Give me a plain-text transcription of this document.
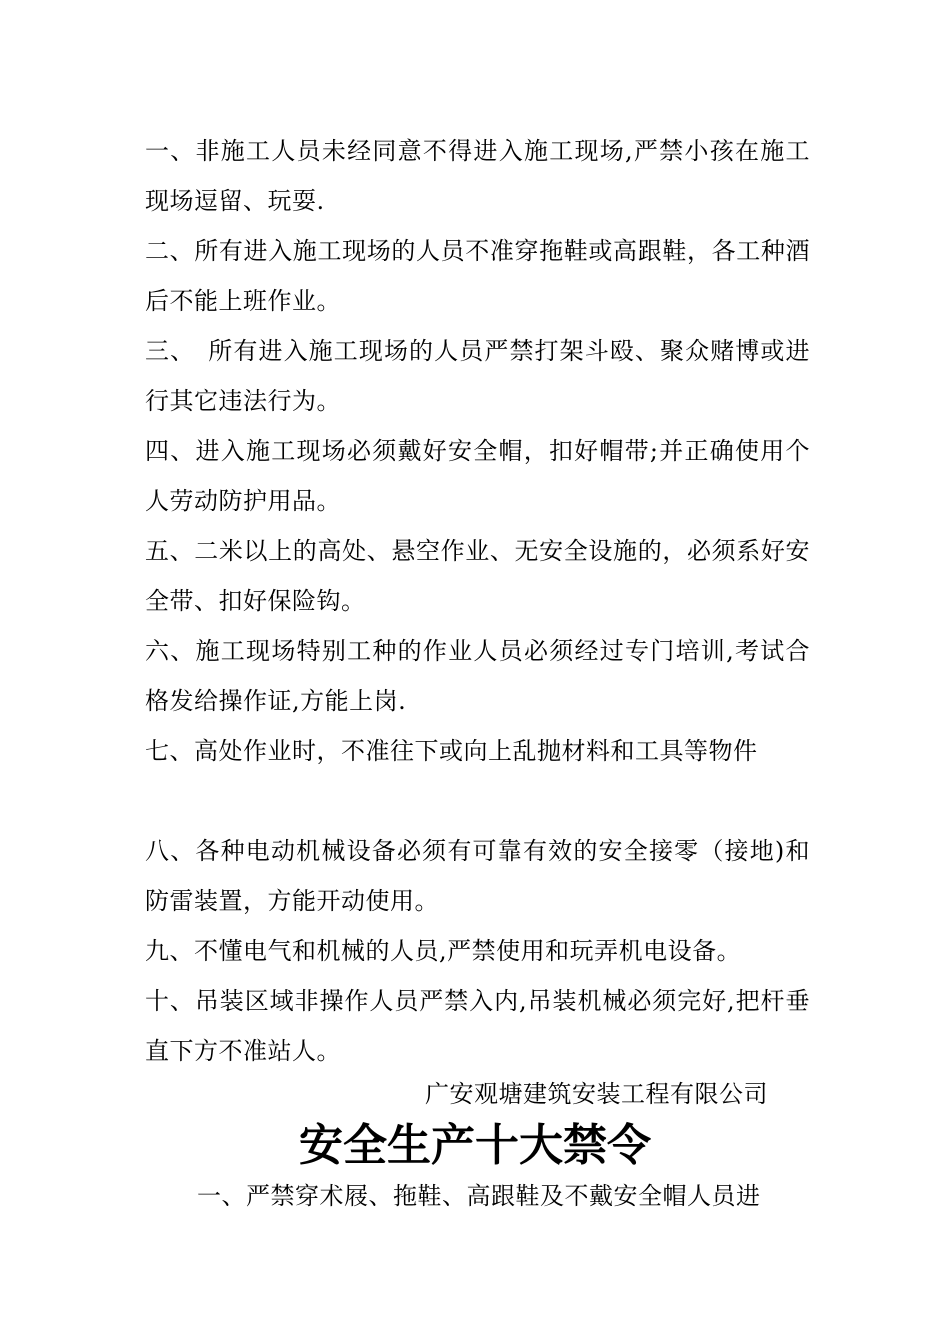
一、非施工人员未经同意不得进入施工现场,严禁小孩在施工现场逗留、玩耍.

二、所有进入施工现场的人员不准穿拖鞋或高跟鞋，各工种酒后不能上班作业。

三、　所有进入施工现场的人员严禁打架斗殴、聚众赌博或进行其它违法行为。

四、进入施工现场必须戴好安全帽，扣好帽带;并正确使用个人劳动防护用品。

五、二米以上的高处、悬空作业、无安全设施的，必须系好安全带、扣好保险钩。

六、施工现场特别工种的作业人员必须经过专门培训,考试合格发给操作证,方能上岗.

七、高处作业时，不准往下或向上乱抛材料和工具等物件

八、各种电动机械设备必须有可靠有效的安全接零（接地)和防雷装置，方能开动使用。

九、不懂电气和机械的人员,严禁使用和玩弄机电设备。

十、吊装区域非操作人员严禁入内,吊装机械必须完好,把杆垂直下方不准站人。

广安观塘建筑安装工程有限公司
安全生产十大禁令
一、严禁穿术屐、拖鞋、高跟鞋及不戴安全帽人员进
